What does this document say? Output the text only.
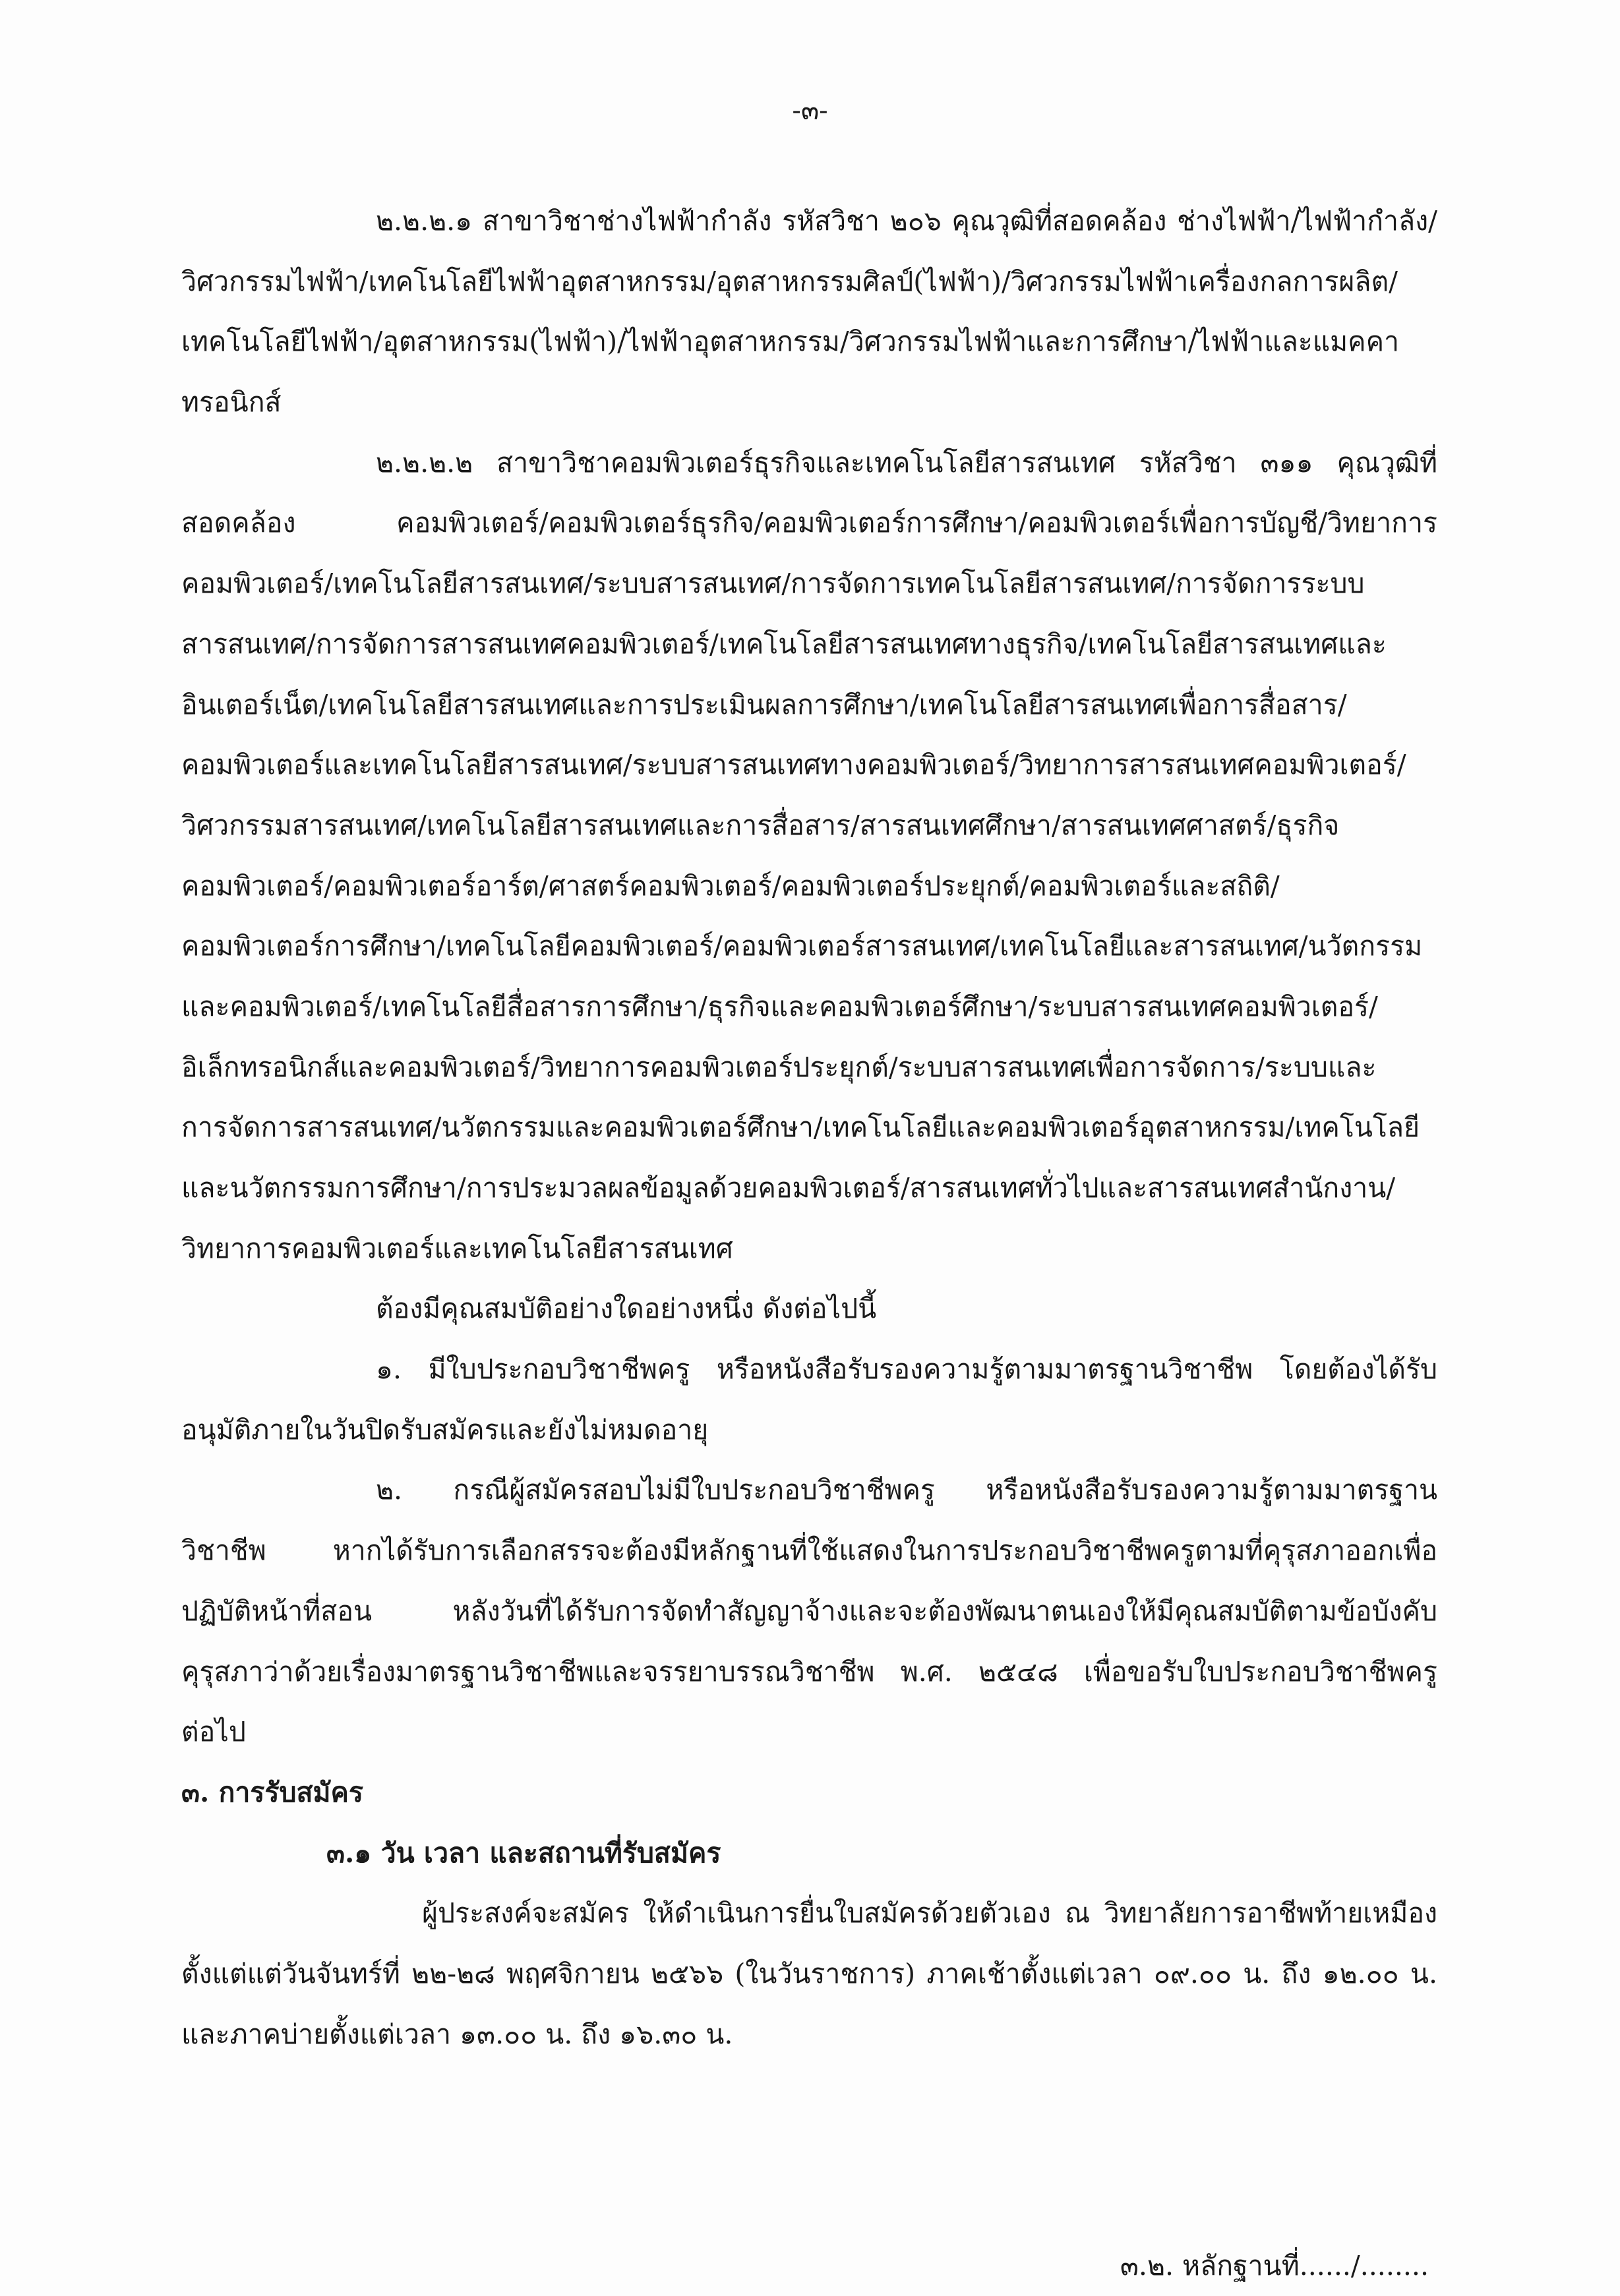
-๓-
๒.๒.๒.๑ สาขาวิชาช่างไฟฟ้ากำลัง รหัสวิชา ๒๐๖ คุณวุฒิที่สอดคล้อง ช่างไฟฟ้า/ไฟฟ้ากำลัง/
วิศวกรรมไฟฟ้า/เทคโนโลยีไฟฟ้าอุตสาหกรรม/อุตสาหกรรมศิลป์(ไฟฟ้า)/วิศวกรรมไฟฟ้าเครื่องกลการผลิต/
เทคโนโลยีไฟฟ้า/อุตสาหกรรม(ไฟฟ้า)/ไฟฟ้าอุตสาหกรรม/วิศวกรรมไฟฟ้าและการศึกษา/ไฟฟ้าและแมคคา
ทรอนิกส์
๒.๒.๒.๒ สาขาวิชาคอมพิวเตอร์ธุรกิจและเทคโนโลยีสารสนเทศ รหัสวิชา ๓๑๑ คุณวุฒิที่
สอดคล้อง คอมพิวเตอร์/คอมพิวเตอร์ธุรกิจ/คอมพิวเตอร์การศึกษา/คอมพิวเตอร์เพื่อการบัญชี/วิทยาการ
คอมพิวเตอร์/เทคโนโลยีสารสนเทศ/ระบบสารสนเทศ/การจัดการเทคโนโลยีสารสนเทศ/การจัดการระบบ
สารสนเทศ/การจัดการสารสนเทศคอมพิวเตอร์/เทคโนโลยีสารสนเทศทางธุรกิจ/เทคโนโลยีสารสนเทศและ
อินเตอร์เน็ต/เทคโนโลยีสารสนเทศและการประเมินผลการศึกษา/เทคโนโลยีสารสนเทศเพื่อการสื่อสาร/
คอมพิวเตอร์และเทคโนโลยีสารสนเทศ/ระบบสารสนเทศทางคอมพิวเตอร์/วิทยาการสารสนเทศคอมพิวเตอร์/
วิศวกรรมสารสนเทศ/เทคโนโลยีสารสนเทศและการสื่อสาร/สารสนเทศศึกษา/สารสนเทศศาสตร์/ธุรกิจ
คอมพิวเตอร์/คอมพิวเตอร์อาร์ต/ศาสตร์คอมพิวเตอร์/คอมพิวเตอร์ประยุกต์/คอมพิวเตอร์และสถิติ/
คอมพิวเตอร์การศึกษา/เทคโนโลยีคอมพิวเตอร์/คอมพิวเตอร์สารสนเทศ/เทคโนโลยีและสารสนเทศ/นวัตกรรม
และคอมพิวเตอร์/เทคโนโลยีสื่อสารการศึกษา/ธุรกิจและคอมพิวเตอร์ศึกษา/ระบบสารสนเทศคอมพิวเตอร์/
อิเล็กทรอนิกส์และคอมพิวเตอร์/วิทยาการคอมพิวเตอร์ประยุกต์/ระบบสารสนเทศเพื่อการจัดการ/ระบบและ
การจัดการสารสนเทศ/นวัตกรรมและคอมพิวเตอร์ศึกษา/เทคโนโลยีและคอมพิวเตอร์อุตสาหกรรม/เทคโนโลยี
และนวัตกรรมการศึกษา/การประมวลผลข้อมูลด้วยคอมพิวเตอร์/สารสนเทศทั่วไปและสารสนเทศสำนักงาน/
วิทยาการคอมพิวเตอร์และเทคโนโลยีสารสนเทศ
ต้องมีคุณสมบัติอย่างใดอย่างหนึ่ง ดังต่อไปนี้
๑. มีใบประกอบวิชาชีพครู หรือหนังสือรับรองความรู้ตามมาตรฐานวิชาชีพ โดยต้องได้รับ
อนุมัติภายในวันปิดรับสมัครและยังไม่หมดอายุ
๒. กรณีผู้สมัครสอบไม่มีใบประกอบวิชาชีพครู หรือหนังสือรับรองความรู้ตามมาตรฐาน
วิชาชีพ หากได้รับการเลือกสรรจะต้องมีหลักฐานที่ใช้แสดงในการประกอบวิชาชีพครูตามที่คุรุสภาออกเพื่อ
ปฏิบัติหน้าที่สอน หลังวันที่ได้รับการจัดทำสัญญาจ้างและจะต้องพัฒนาตนเองให้มีคุณสมบัติตามข้อบังคับ
คุรุสภาว่าด้วยเรื่องมาตรฐานวิชาชีพและจรรยาบรรณวิชาชีพ พ.ศ. ๒๕๔๘ เพื่อขอรับใบประกอบวิชาชีพครู
ต่อไป
๓. การรับสมัคร
๓.๑ วัน เวลา และสถานที่รับสมัคร
ผู้ประสงค์จะสมัคร ให้ดำเนินการยื่นใบสมัครด้วยตัวเอง ณ วิทยาลัยการอาชีพท้ายเหมือง
ตั้งแต่แต่วันจันทร์ที่ ๒๒-๒๘ พฤศจิกายน ๒๕๖๖ (ในวันราชการ) ภาคเช้าตั้งแต่เวลา ๐๙.๐๐ น. ถึง ๑๒.๐๐ น.
และภาคบ่ายตั้งแต่เวลา ๑๓.๐๐ น. ถึง ๑๖.๓๐ น.
๓.๒. หลักฐานที่....../........
